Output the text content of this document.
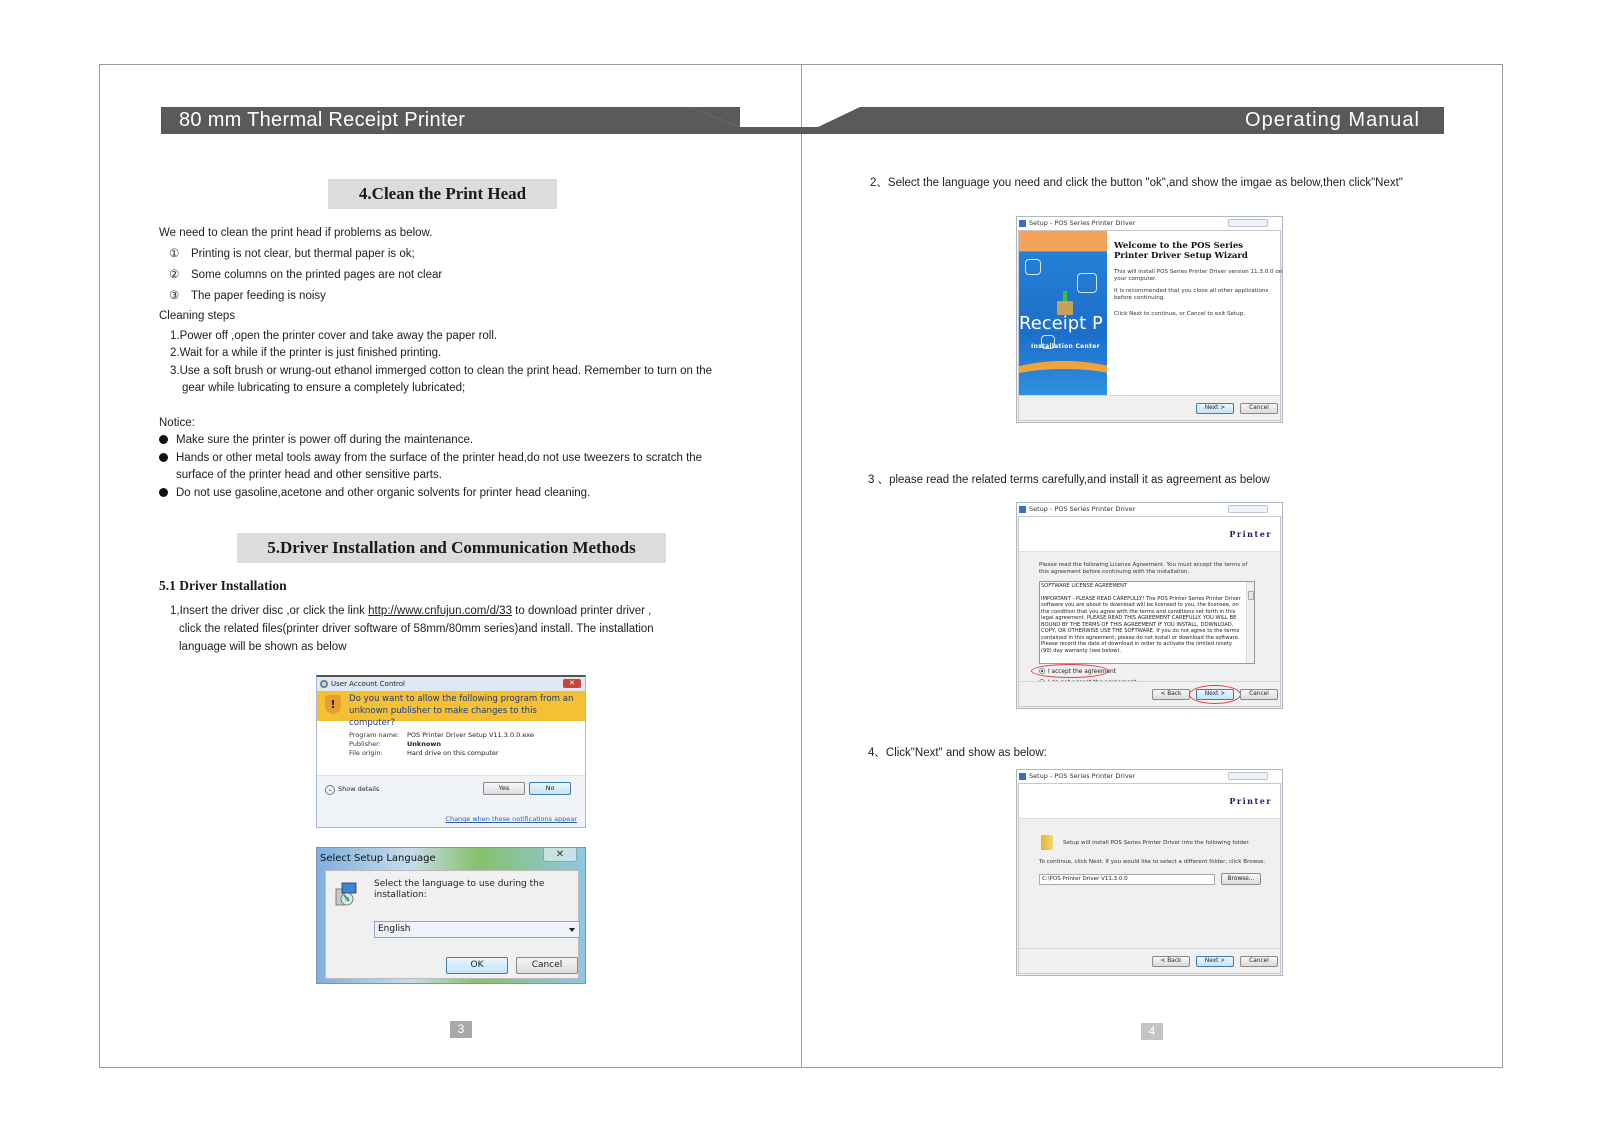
80 mm Thermal Receipt Printer	Operating Manual
4.Clean the Print Head
We need to clean the print head if problems as below.
① Printing is not clear, but thermal paper is ok;
② Some columns on the printed pages are not clear
③ The paper feeding is noisy
Cleaning steps
1.Power off ,open the printer cover and take away the paper roll.
2.Wait for a while if the printer is just finished printing.
3.Use a soft brush or wrung-out ethanol immerged cotton to clean the print head. Remember to turn on the
gear while lubricating to ensure a completely lubricated;
Notice:
Make sure the printer is power off during the maintenance.
Hands or other metal tools away from the surface of the printer head,do not use tweezers to scratch the
surface of the printer head and other sensitive parts.
Do not use gasoline,acetone and other organic solvents for printer head cleaning.
5.Driver Installation and Communication Methods
5.1 Driver Installation
1,Insert the driver disc ,or click the link http://www.cnfujun.com/d/33 to download printer driver ,
click the related files(printer driver software of 58mm/80mm series)and install. The installation
language will be shown as below
User Account Control	✕
!	Do you want to allow the following program from an
unknown publisher to make changes to this computer?
Program name: POS Printer Driver Setup V11.3.0.0.exe
Publisher:	Unknown
File origin:	Hard drive on this computer
⌄ Show details	Yes	No
Change when these notifications appear
Select Setup Language	✕
Select the language to use during the
installation:
English
OK	Cancel
3
2、Select the language you need and click the button "ok",and show the imgae as below,then click"Next"
Setup - POS Series Printer Driver
Receipt P
Installation Center
Welcome to the POS Series
Printer Driver Setup Wizard
This will install POS Series Printer Driver version 11.3.0.0 on your computer.
It is recommended that you close all other applications before continuing.
Click Next to continue, or Cancel to exit Setup.
Next >	Cancel
3 、please read the related terms carefully,and install it as agreement as below
Setup - POS Series Printer Driver
Printer
Please read the following License Agreement. You must accept the terms of this agreement before continuing with the installation.
SOFTWARE LICENSE AGREEMENT
IMPORTANT - PLEASE READ CAREFULLY! The POS Printer Series Printer Driver software you are about to download will be licensed to you, the licensee, on the condition that you agree with the terms and conditions set forth in this legal agreement. PLEASE READ THIS AGREEMENT CAREFULLY. YOU WILL BE BOUND BY THE TERMS OF THIS AGREEMENT IF YOU INSTALL, DOWNLOAD, COPY, OR OTHERWISE USE THE SOFTWARE. If you do not agree to the terms contained in this agreement, please do not install or download the software. Please record the date of download in order to activate the limited ninety (90) day warranty (see below).
I accept the agreement
< Back	Next >	Cancel
4、Click"Next" and show as below:
Setup - POS Series Printer Driver
Printer
Setup will install POS Series Printer Driver into the following folder.
To continue, click Next. If you would like to select a different folder, click Browse.
C:\POS Printer Driver V11.3.0.0	Browse...
< Back	Next >	Cancel
4
